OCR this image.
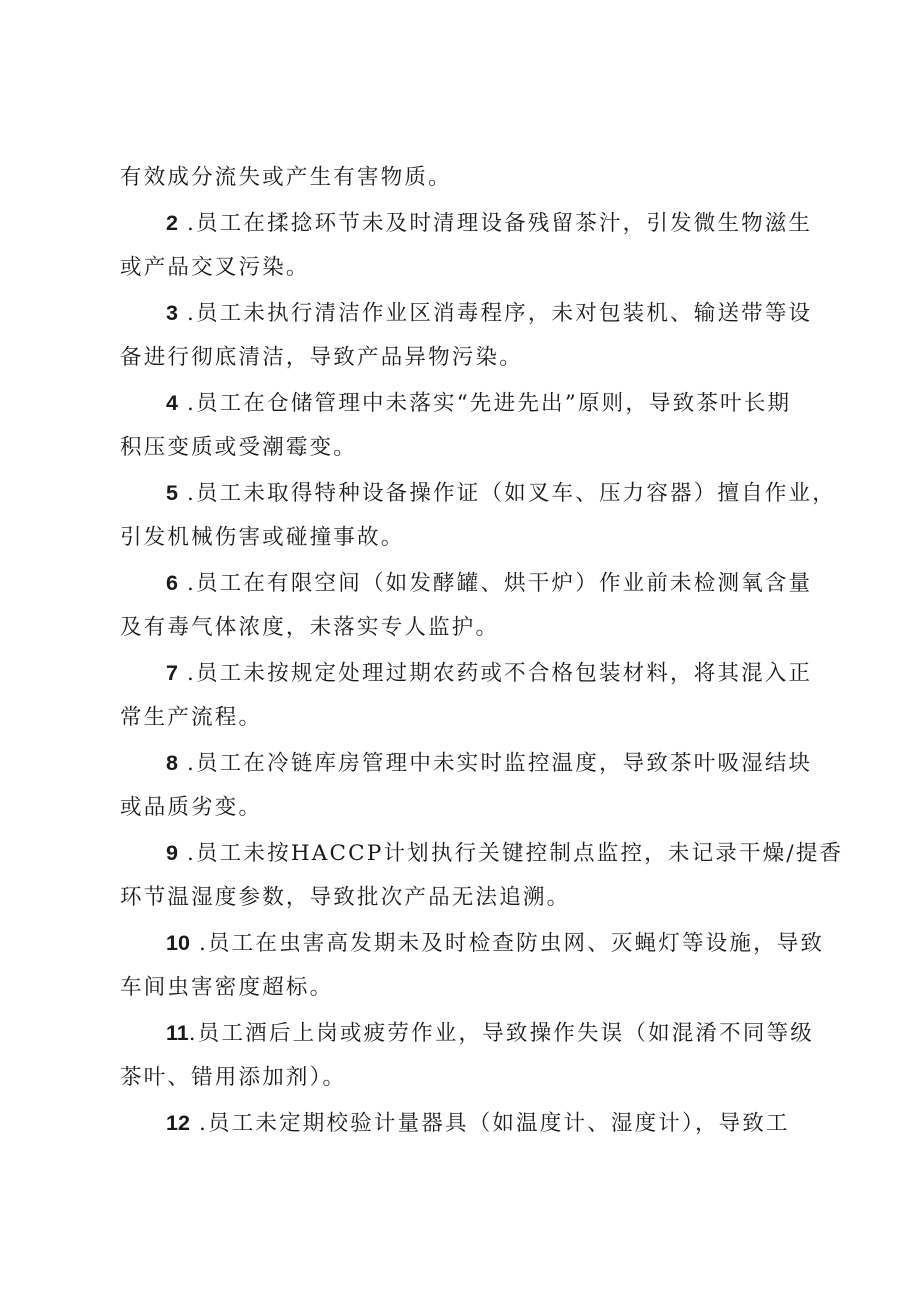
有效成分流失或产生有害物质。

2 .员工在揉捻环节未及时清理设备残留茶汁，引发微生物滋生
或产品交叉污染。

3 .员工未执行清洁作业区消毒程序，未对包装机、输送带等设
备进行彻底清洁，导致产品异物污染。

4 .员工在仓储管理中未落实“先进先出”原则，导致茶叶长期
积压变质或受潮霉变。

5 .员工未取得特种设备操作证（如叉车、压力容器）擅自作业，
引发机械伤害或碰撞事故。

6 .员工在有限空间（如发酵罐、烘干炉）作业前未检测氧含量
及有毒气体浓度，未落实专人监护。

7 .员工未按规定处理过期农药或不合格包装材料，将其混入正
常生产流程。

8 .员工在冷链库房管理中未实时监控温度，导致茶叶吸湿结块
或品质劣变。

9 .员工未按HACCP计划执行关键控制点监控，未记录干燥/提香
环节温湿度参数，导致批次产品无法追溯。

10 .员工在虫害高发期未及时检查防虫网、灭蝇灯等设施，导致
车间虫害密度超标。

11.员工酒后上岗或疲劳作业，导致操作失误（如混淆不同等级
茶叶、错用添加剂）。

12 .员工未定期校验计量器具（如温度计、湿度计），导致工
